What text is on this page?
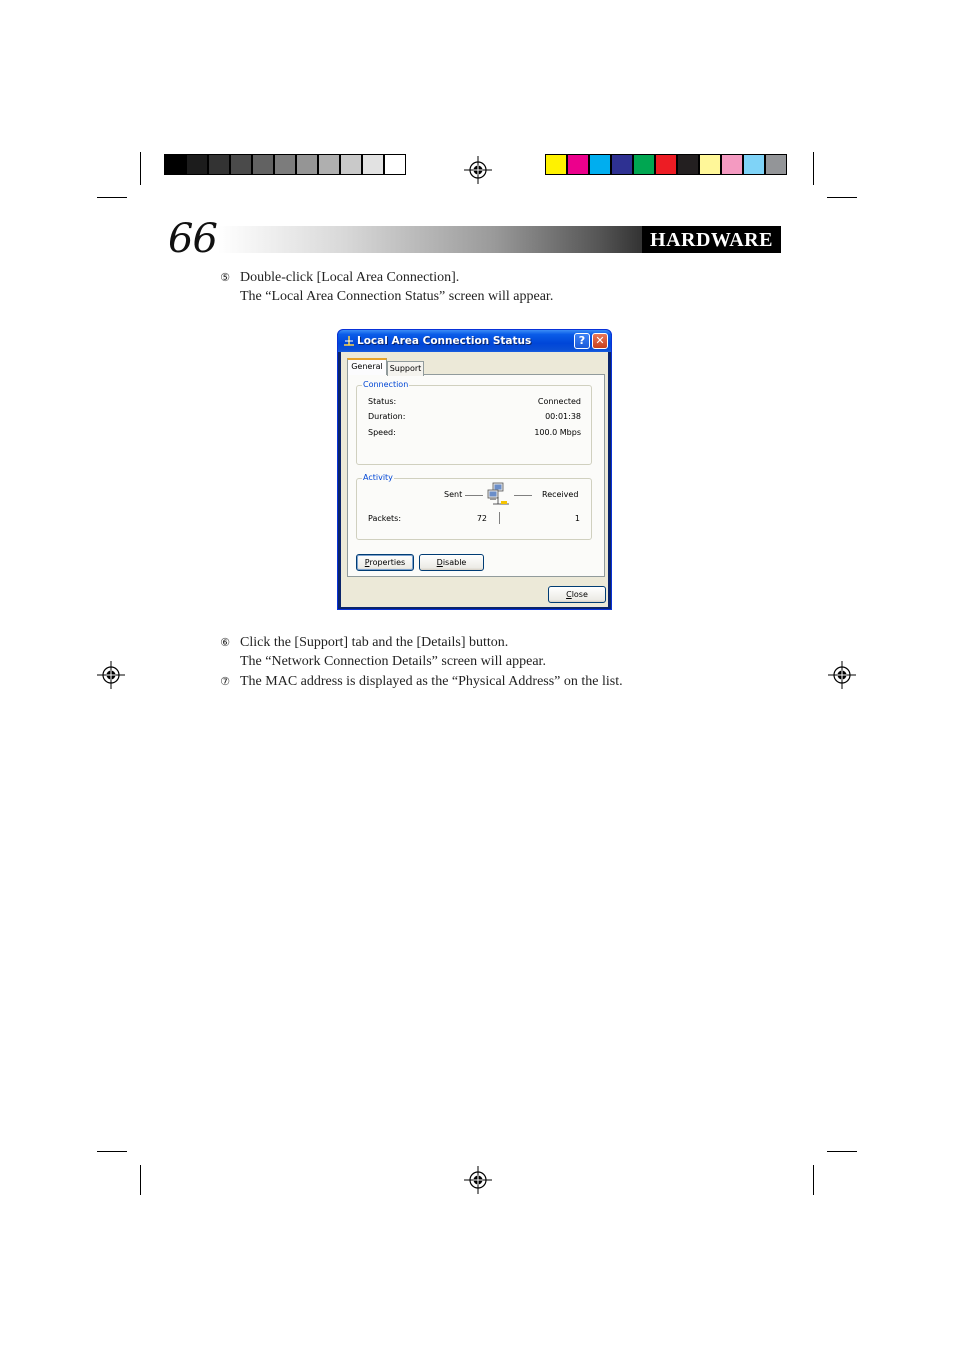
66	HARDWARE
⑤ Double-click [Local Area Connection].
The “Local Area Connection Status” screen will appear.
Local Area Connection Status	? ✕
Connection
Status:	Connected
Duration:	00:01:38
Speed:	100.0 Mbps
Activity
Sent	Received
Packets:	72	1
Properties	Disable
Support
General
Close
⑥ Click the [Support] tab and the [Details] button.
The “Network Connection Details” screen will appear.
⑦ The MAC address is displayed as the “Physical Address” on the list.
